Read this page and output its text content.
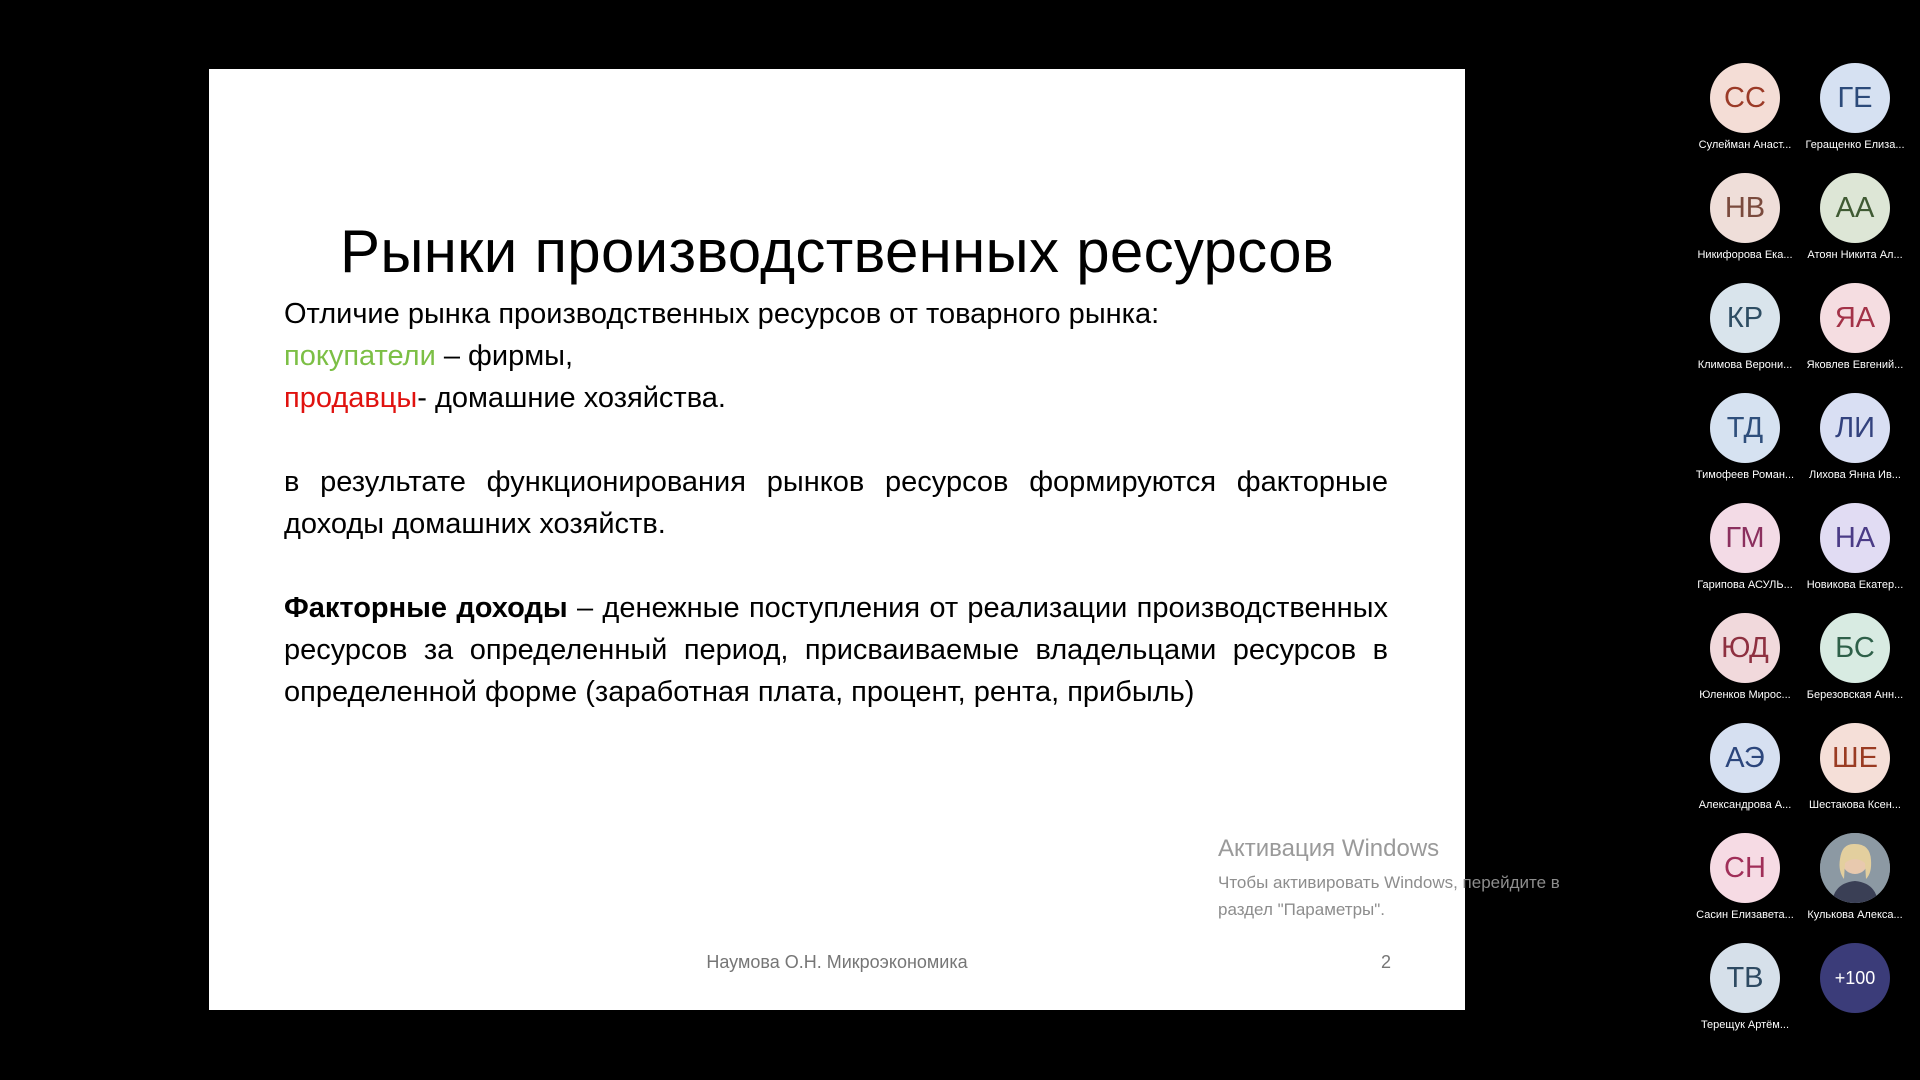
Рынки производственных ресурсов

Отличие рынка производственных ресурсов от товарного рынка:

покупатели – фирмы,

продавцы- домашние хозяйства.

в результате функционирования рынков ресурсов формируются факторные доходы домашних хозяйств.

Факторные доходы – денежные поступления от реализации производственных ресурсов за определенный период, присваиваемые владельцами ресурсов в определенной форме (заработная плата, процент, рента, прибыль)

Наумова О.Н. Микроэкономика	2
Активация Windows
Чтобы активировать Windows, перейдите в
раздел "Параметры".
СС
Сулейман Анаст...
ГЕ
Геращенко Елиза...
НВ
Никифорова Ека...
АА
Атоян Никита Ал...
КР
Климова Верони...
ЯА
Яковлев Евгений...
ТД
Тимофеев Роман...
ЛИ
Лихова Янна Ив...
ГМ
Гарипова АСУЛЬ...
НА
Новикова Екатер...
ЮД
Юленков Мирос...
БС
Березовская Анн...
АЭ
Александрова А...
ШЕ
Шестакова Ксен...
СН
Сасин Елизавета...	Кулькова Алекса...
ТВ
Терещук Артём...
+100
